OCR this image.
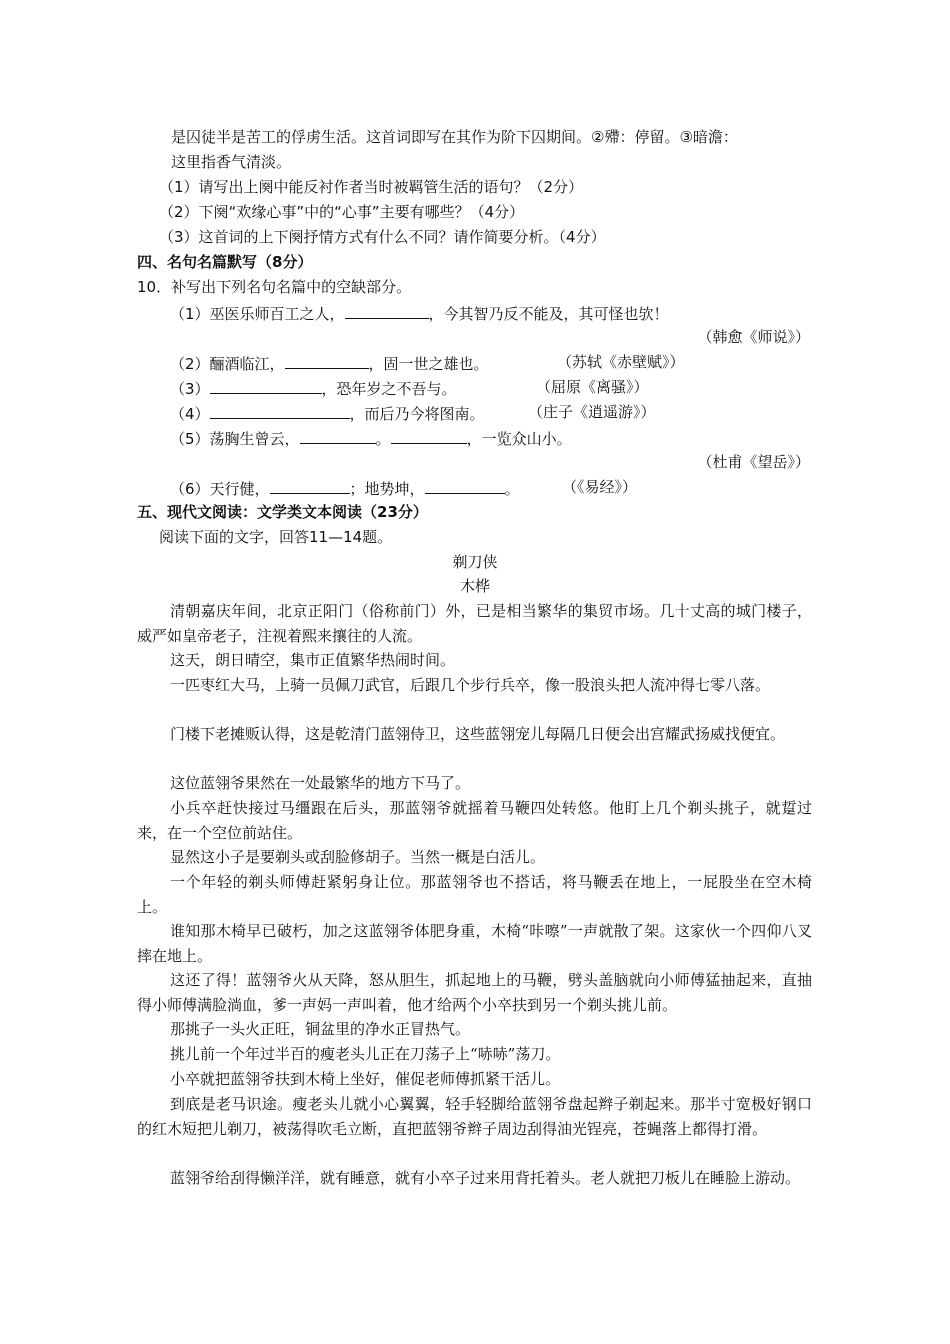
是囚徒半是苦工的俘虏生活。这首词即写在其作为阶下囚期间。②殢：停留。③暗澹：
这里指香气清淡。
（1）请写出上阕中能反衬作者当时被羁管生活的语句？（2分）
（2）下阕“欢缘心事”中的“心事”主要有哪些？（4分）
（3）这首词的上下阕抒情方式有什么不同？请作简要分析。（4分）
四、名句名篇默写（8分）
10．补写出下列名句名篇中的空缺部分。
（1）巫医乐师百工之人，	，今其智乃反不能及，其可怪也欤！
（韩愈《师说》）
（2）酾酒临江，	，固一世之雄也。	（苏轼《赤壁赋》）
（3）	，恐年岁之不吾与。	（屈原《离骚》）
（4）	，而后乃今将图南。	（庄子《逍遥游》）
（5）荡胸生曾云，	。	，一览众山小。
（杜甫《望岳》）
（6）天行健，	；地势坤，	。	（《易经》）
五、现代文阅读：文学类文本阅读（23分）
阅读下面的文字，回答11—14题。
剃刀侠
木桦
清朝嘉庆年间，北京正阳门（俗称前门）外，已是相当繁华的集贸市场。几十丈高的城门楼子，威严如皇帝老子，注视着熙来攘往的人流。
这天，朗日晴空，集市正值繁华热闹时间。
一匹枣红大马，上骑一员佩刀武官，后跟几个步行兵卒，像一股浪头把人流冲得七零八落。
门楼下老摊贩认得，这是乾清门蓝翎侍卫，这些蓝翎宠儿每隔几日便会出宫耀武扬威找便宜。
这位蓝翎爷果然在一处最繁华的地方下马了。
小兵卒赶快接过马缰跟在后头，那蓝翎爷就摇着马鞭四处转悠。他盯上几个剃头挑子，就踅过来，在一个空位前站住。
显然这小子是要剃头或刮脸修胡子。当然一概是白活儿。
一个年轻的剃头师傅赶紧躬身让位。那蓝翎爷也不搭话，将马鞭丢在地上，一屁股坐在空木椅上。
谁知那木椅早已破朽，加之这蓝翎爷体肥身重，木椅“咔嚓”一声就散了架。这家伙一个四仰八叉摔在地上。
这还了得！蓝翎爷火从天降，怒从胆生，抓起地上的马鞭，劈头盖脑就向小师傅猛抽起来，直抽得小师傅满脸淌血，爹一声妈一声叫着，他才给两个小卒扶到另一个剃头挑儿前。
那挑子一头火正旺，铜盆里的净水正冒热气。
挑儿前一个年过半百的瘦老头儿正在刀荡子上“哧哧”荡刀。
小卒就把蓝翎爷扶到木椅上坐好，催促老师傅抓紧干活儿。
到底是老马识途。瘦老头儿就小心翼翼，轻手轻脚给蓝翎爷盘起辫子剃起来。那半寸宽极好钢口的红木短把儿剃刀，被荡得吹毛立断，直把蓝翎爷辫子周边刮得油光锃亮，苍蝇落上都得打滑。
蓝翎爷给刮得懒洋洋，就有睡意，就有小卒子过来用背托着头。老人就把刀板儿在睡脸上游动。
